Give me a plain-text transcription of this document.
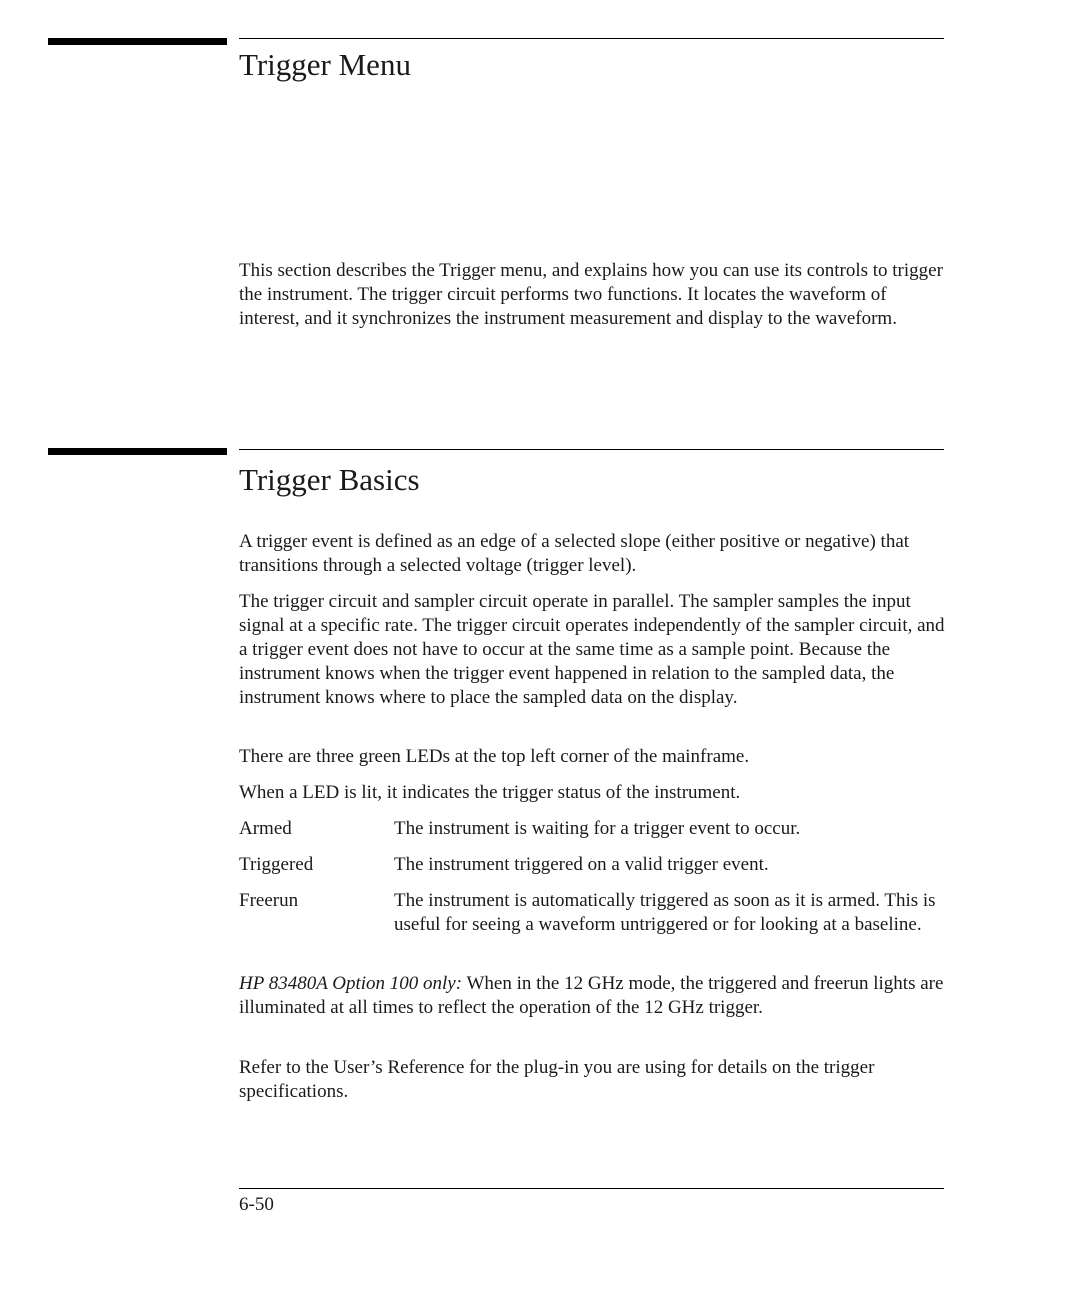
Trigger Menu

This section describes the Trigger menu, and explains how you can use its controls to trigger the instrument. The trigger circuit performs two functions. It locates the waveform of interest, and it synchronizes the instrument measurement and display to the waveform.

Trigger Basics

A trigger event is defined as an edge of a selected slope (either positive or negative) that transitions through a selected voltage (trigger level).

The trigger circuit and sampler circuit operate in parallel. The sampler samples the input signal at a specific rate. The trigger circuit operates independently of the sampler circuit, and a trigger event does not have to occur at the same time as a sample point. Because the instrument knows when the trigger event happened in relation to the sampled data, the instrument knows where to place the sampled data on the display.

There are three green LEDs at the top left corner of the mainframe.

When a LED is lit, it indicates the trigger status of the instrument.

Armed	The instrument is waiting for a trigger event to occur.

Triggered	The instrument triggered on a valid trigger event.

Freerun	The instrument is automatically triggered as soon as it is armed. This is useful for seeing a waveform untriggered or for looking at a baseline.

HP 83480A Option 100 only: When in the 12 GHz mode, the triggered and freerun lights are illuminated at all times to reflect the operation of the 12 GHz trigger.

Refer to the User’s Reference for the plug-in you are using for details on the trigger specifications.

6-50
